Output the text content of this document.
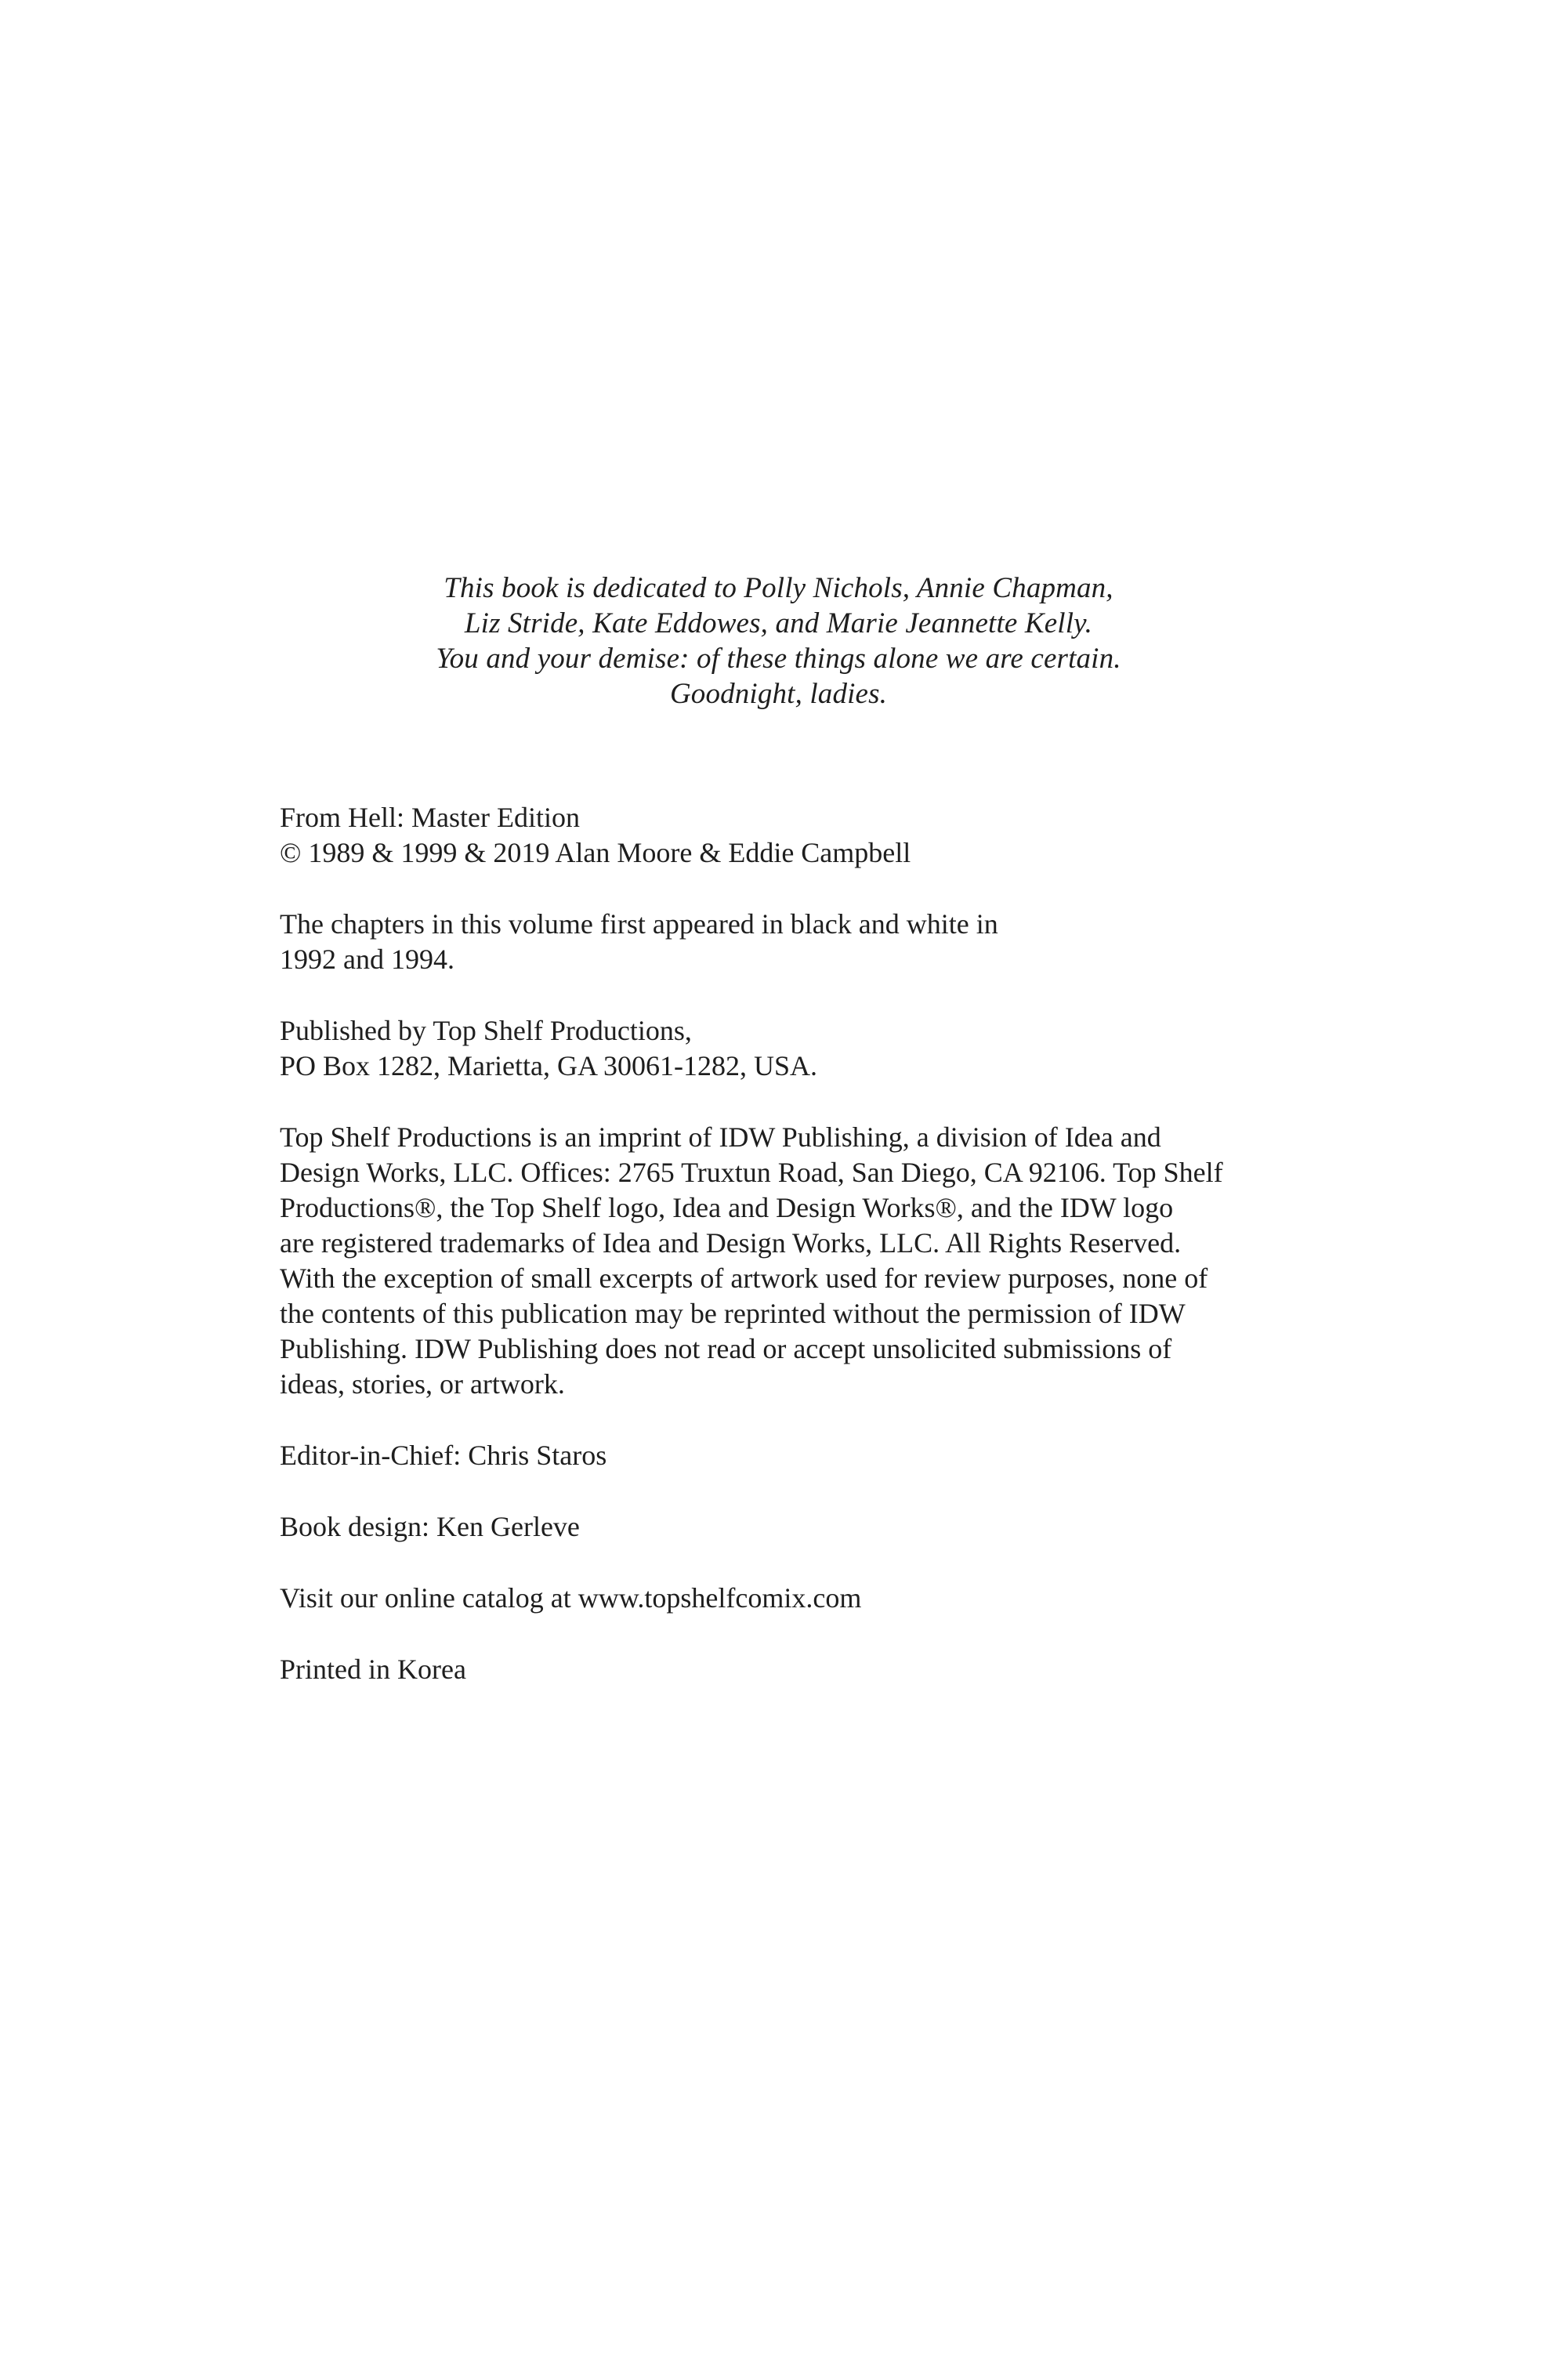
This book is dedicated to Polly Nichols, Annie Chapman,
Liz Stride, Kate Eddowes, and Marie Jeannette Kelly.
You and your demise: of these things alone we are certain.
Goodnight, ladies.
From Hell: Master Edition
© 1989 & 1999 & 2019 Alan Moore & Eddie Campbell
The chapters in this volume first appeared in black and white in
1992 and 1994.
Published by Top Shelf Productions,
PO Box 1282, Marietta, GA 30061-1282, USA.
Top Shelf Productions is an imprint of IDW Publishing, a division of Idea and
Design Works, LLC. Offices: 2765 Truxtun Road, San Diego, CA 92106. Top Shelf
Productions®, the Top Shelf logo, Idea and Design Works®, and the IDW logo
are registered trademarks of Idea and Design Works, LLC. All Rights Reserved.
With the exception of small excerpts of artwork used for review purposes, none of
the contents of this publication may be reprinted without the permission of IDW
Publishing. IDW Publishing does not read or accept unsolicited submissions of
ideas, stories, or artwork.
Editor-in-Chief: Chris Staros
Book design: Ken Gerleve
Visit our online catalog at www.topshelfcomix.com
Printed in Korea
